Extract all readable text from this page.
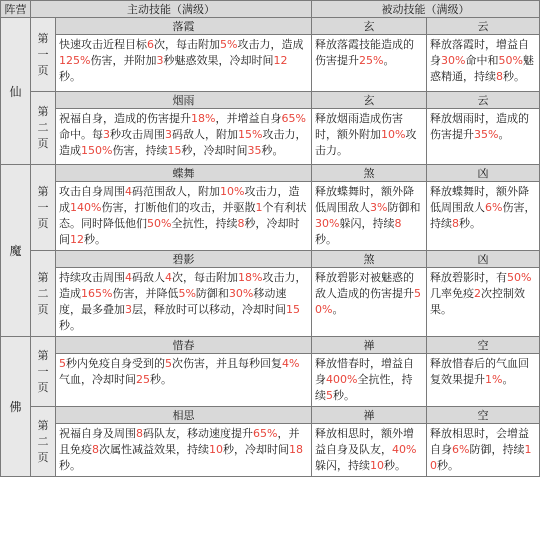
阵营	主动技能（满级）		被动技能（满级）	
仙	第
一
页	落霞	玄	云
		快速攻击近程目标6次，每击附加5%攻击力，造成125%伤害，并附加3秒魅惑效果，冷却时间12秒。	释放落霞技能造成的伤害提升25%。	释放落霞时，增益自身30%命中和50%魅惑精通，持续8秒。
	第
二
页	烟雨	玄	云
		祝福自身，造成的伤害提升18%，并增益自身65%命中。每3秒攻击周围3码敌人，附加15%攻击力，造成150%伤害，持续15秒，冷却时间35秒。	释放烟雨造成伤害时，额外附加10%攻击力。	释放烟雨时，造成的伤害提升35%。
魔	第
一
页	蝶舞	煞	凶
		攻击自身周围4码范围敌人，附加10%攻击力，造成140%伤害，打断他们的攻击，并驱散1个有利状态。同时降低他们50%全抗性，持续8秒，冷却时间12秒。	释放蝶舞时，额外降低周围敌人3%防御和30%躲闪，持续8秒。	释放蝶舞时，额外降低周围敌人6%伤害，持续8秒。
	第
二
页	碧影	煞	凶
		持续攻击周围4码敌人4次，每击附加18%攻击力，造成165%伤害，并降低5%防御和30%移动速度，最多叠加3层，释放时可以移动，冷却时间15秒。	释放碧影对被魅惑的敌人造成的伤害提升50%。	释放碧影时，有50%几率免疫2次控制效果。
佛	第
一
页	惜春	禅	空
		5秒内免疫自身受到的5次伤害，并且每秒回复4%气血，冷却时间25秒。	释放惜春时，增益自身400%全抗性，持续5秒。	释放惜春后的气血回复效果提升1%。
	第
二
页	相思	禅	空
		祝福自身及周围8码队友，移动速度提升65%，并且免疫8次属性减益效果，持续10秒，冷却时间18秒。	释放相思时，额外增益自身及队友，40%躲闪，持续10秒。	释放相思时，会增益自身6%防御，持续10秒。
